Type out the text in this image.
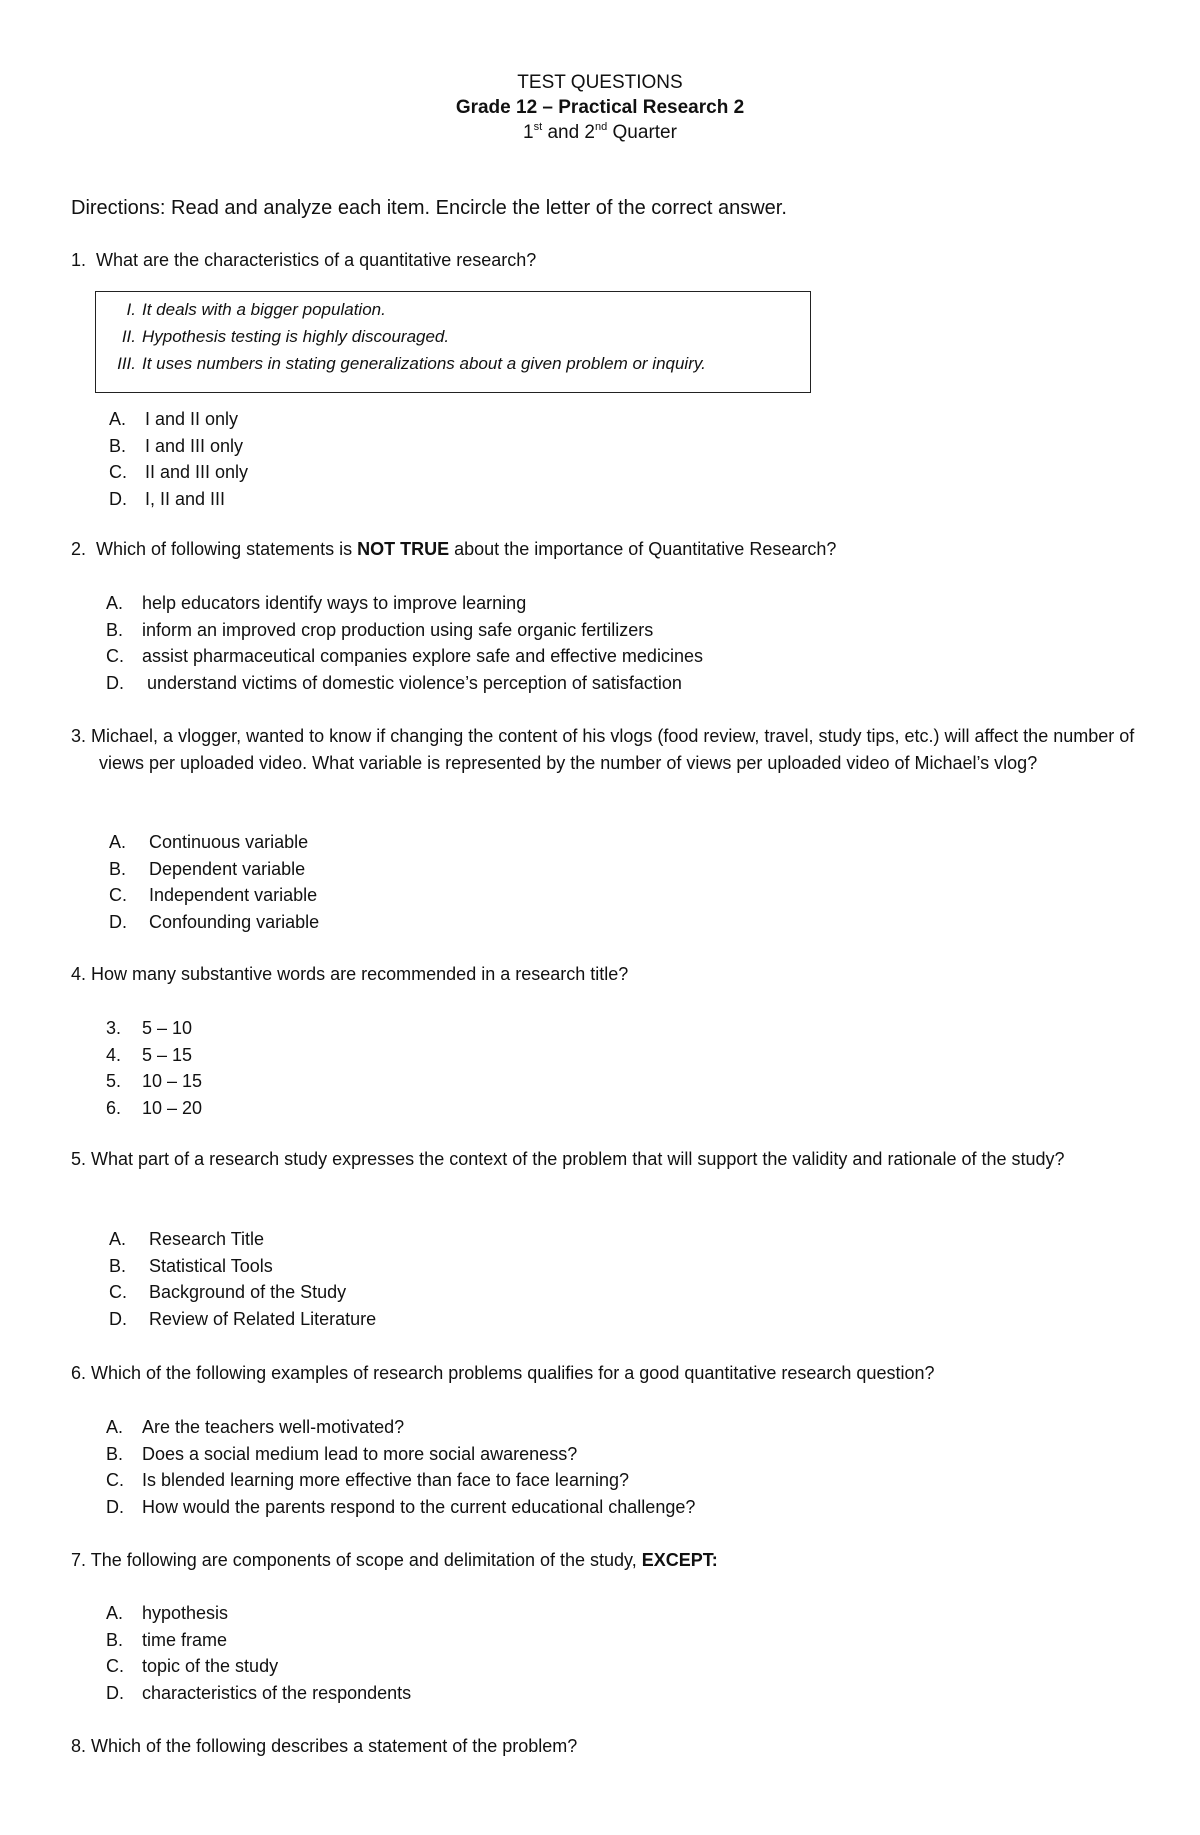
TEST QUESTIONS
Grade 12 – Practical Research 2
1st and 2nd Quarter
Directions: Read and analyze each item. Encircle the letter of the correct answer.
1. What are the characteristics of a quantitative research?
I. It deals with a bigger population.
II. Hypothesis testing is highly discouraged.
III. It uses numbers in stating generalizations about a given problem or inquiry.
A. I and II only
B. I and III only
C. II and III only
D. I, II and III
2. Which of following statements is NOT TRUE about the importance of Quantitative Research?
A. help educators identify ways to improve learning
B. inform an improved crop production using safe organic fertilizers
C. assist pharmaceutical companies explore safe and effective medicines
D. understand victims of domestic violence’s perception of satisfaction
3. Michael, a vlogger, wanted to know if changing the content of his vlogs (food review, travel, study tips, etc.) will affect the number of views per uploaded video. What variable is represented by the number of views per uploaded video of Michael’s vlog?
A. Continuous variable
B. Dependent variable
C. Independent variable
D. Confounding variable
4. How many substantive words are recommended in a research title?
3. 5 – 10
4. 5 – 15
5. 10 – 15
6. 10 – 20
5. What part of a research study expresses the context of the problem that will support the validity and rationale of the study?
A. Research Title
B. Statistical Tools
C. Background of the Study
D. Review of Related Literature
6. Which of the following examples of research problems qualifies for a good quantitative research question?
A. Are the teachers well-motivated?
B. Does a social medium lead to more social awareness?
C. Is blended learning more effective than face to face learning?
D. How would the parents respond to the current educational challenge?
7. The following are components of scope and delimitation of the study, EXCEPT:
A. hypothesis
B. time frame
C. topic of the study
D. characteristics of the respondents
8. Which of the following describes a statement of the problem?
